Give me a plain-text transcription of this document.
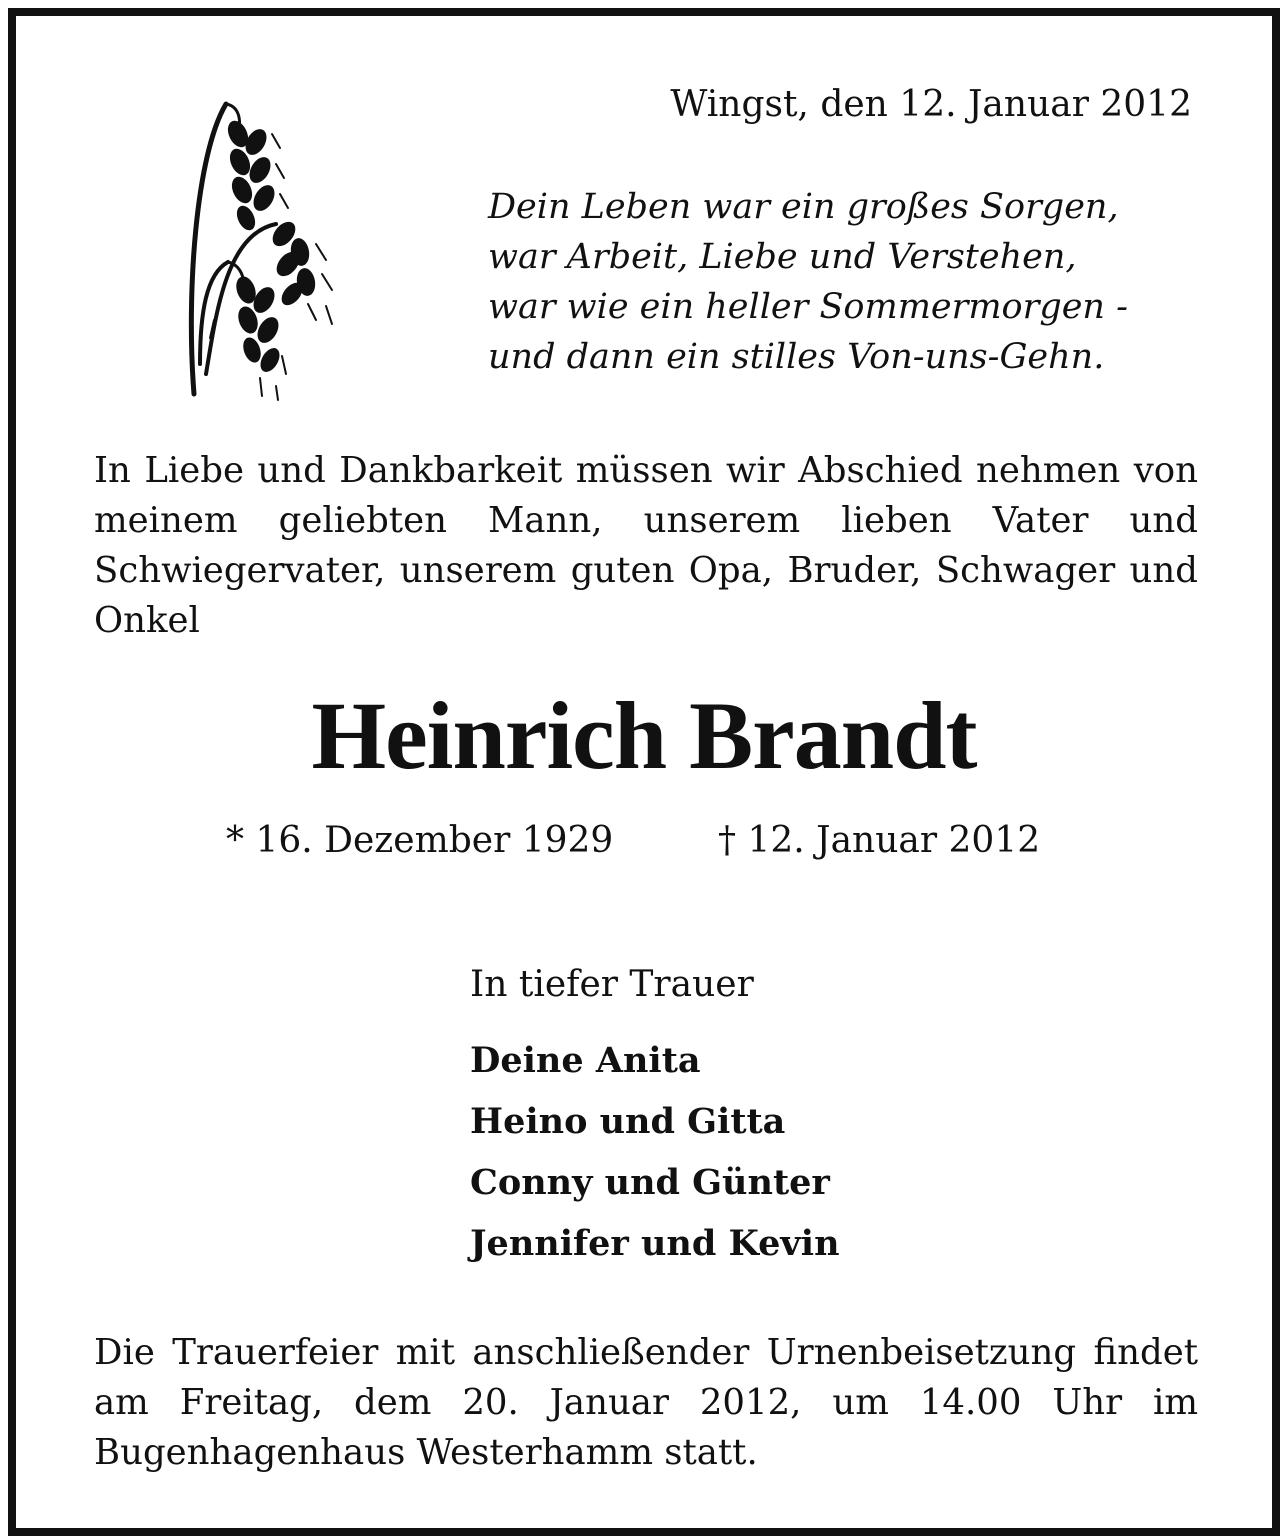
Wingst, den 12. Januar 2012
Dein Leben war ein großes Sorgen,
war Arbeit, Liebe und Verstehen,
war wie ein heller Sommermorgen -
und dann ein stilles Von-uns-Gehn.
In Liebe und Dankbarkeit müssen wir Abschied nehmen von meinem geliebten Mann, unserem lieben Vater und Schwiegervater, unserem guten Opa, Bruder, Schwager und Onkel
Heinrich Brandt
* 16. Dezember 1929	† 12. Januar 2012
In tiefer Trauer
Deine Anita
Heino und Gitta
Conny und Günter
Jennifer und Kevin
Die Trauerfeier mit anschließender Urnenbeisetzung findet am Freitag, dem 20. Januar 2012, um 14.00 Uhr im Bugenhagenhaus Westerhamm statt.
